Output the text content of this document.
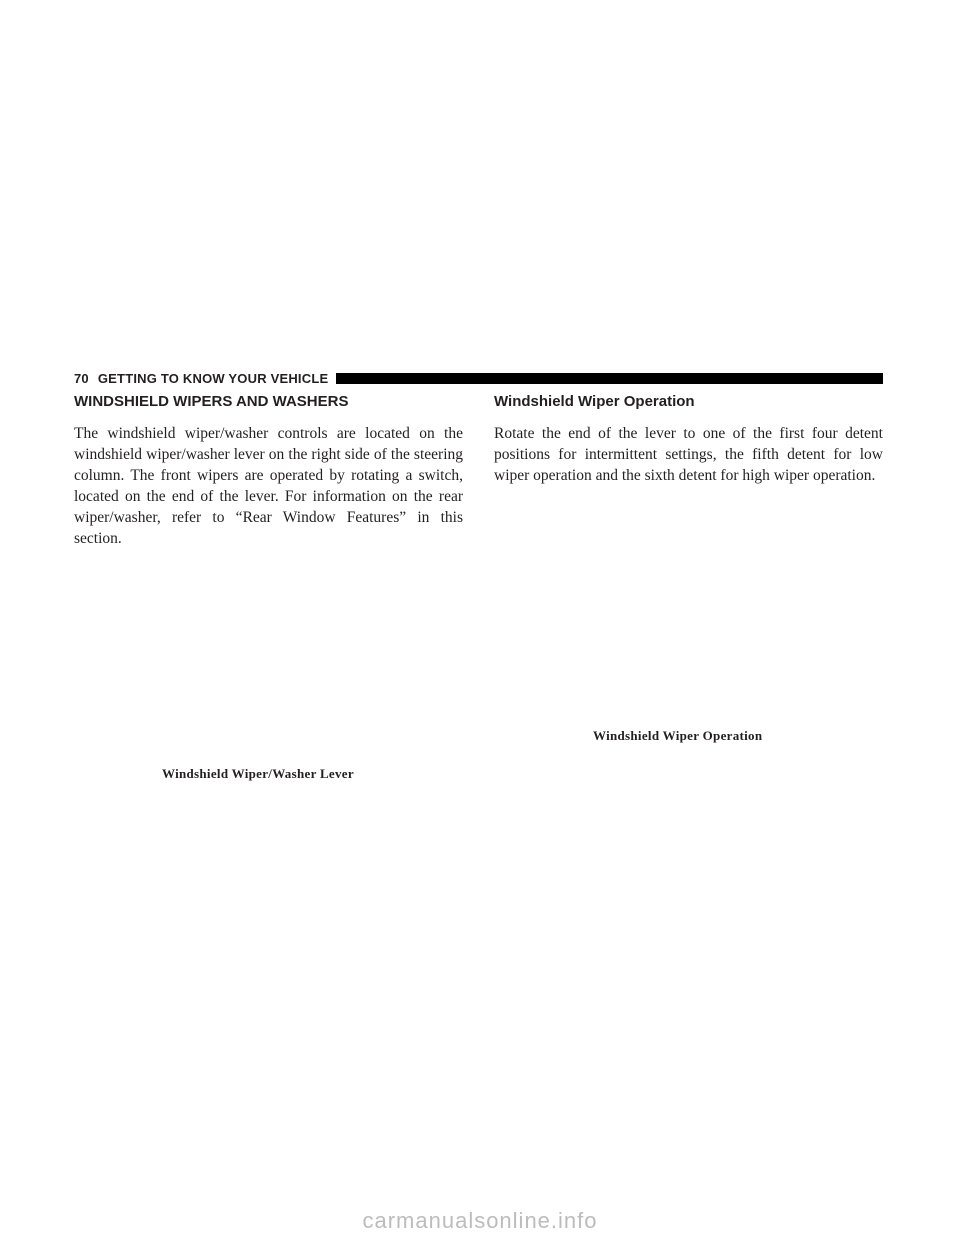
70 GETTING TO KNOW YOUR VEHICLE
WINDSHIELD WIPERS AND WASHERS

The windshield wiper/washer controls are located on the windshield wiper/washer lever on the right side of the steering column. The front wipers are operated by rotating a switch, located on the end of the lever. For information on the rear wiper/washer, refer to “Rear Window Features” in this section.

Windshield Wiper Operation

Rotate the end of the lever to one of the first four detent positions for intermittent settings, the fifth detent for low wiper operation and the sixth detent for high wiper operation.

Windshield Wiper Operation
Windshield Wiper/Washer Lever
carmanualsonline.info
